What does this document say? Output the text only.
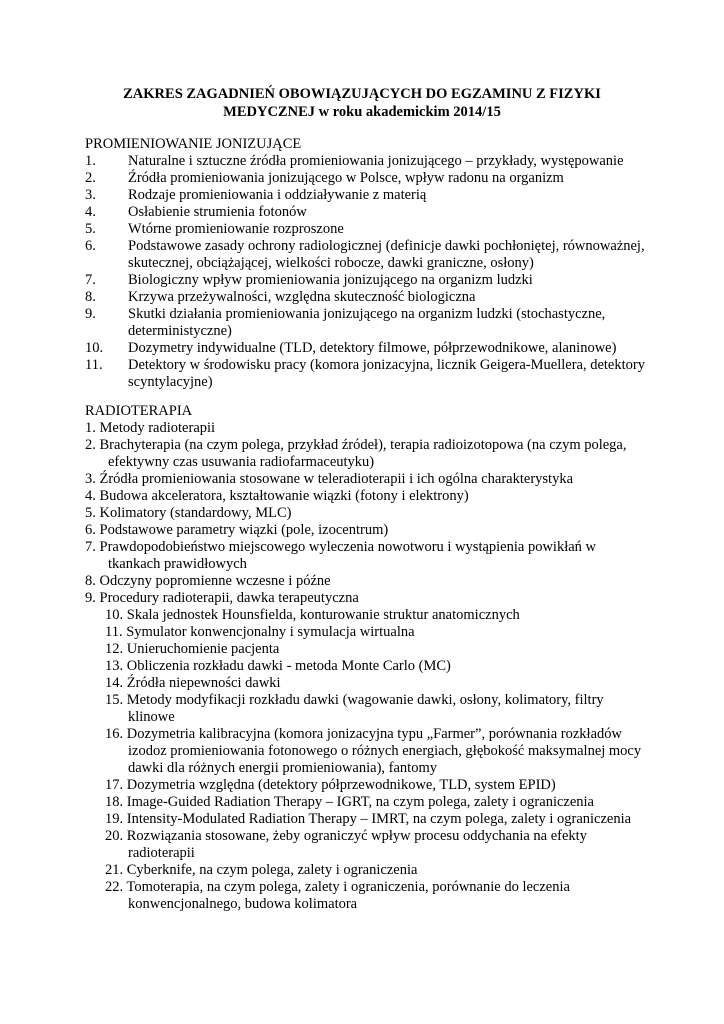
ZAKRES ZAGADNIEŃ OBOWIĄZUJĄCYCH DO EGZAMINU Z FIZYKI
MEDYCZNEJ w roku akademickim 2014/15
PROMIENIOWANIE JONIZUJĄCE
1. Naturalne i sztuczne źródła promieniowania jonizującego – przykłady, występowanie
2. Źródła promieniowania jonizującego w Polsce, wpływ radonu na organizm
3. Rodzaje promieniowania i oddziaływanie z materią
4. Osłabienie strumienia fotonów
5. Wtórne promieniowanie rozproszone
6. Podstawowe zasady ochrony radiologicznej (definicje dawki pochłoniętej, równoważnej, skutecznej, obciążającej, wielkości robocze, dawki graniczne, osłony)
7. Biologiczny wpływ promieniowania jonizującego na organizm ludzki
8. Krzywa przeżywalności, względna skuteczność biologiczna
9. Skutki działania promieniowania jonizującego na organizm ludzki (stochastyczne, deterministyczne)
10. Dozymetry indywidualne (TLD, detektory filmowe, półprzewodnikowe, alaninowe)
11. Detektory w środowisku pracy (komora jonizacyjna, licznik Geigera-Muellera, detektory scyntylacyjne)
RADIOTERAPIA
1. Metody radioterapii
2. Brachyterapia (na czym polega, przykład źródeł), terapia radioizotopowa (na czym polega, efektywny czas usuwania radiofarmaceutyku)
3. Źródła promieniowania stosowane w teleradioterapii i ich ogólna charakterystyka
4. Budowa akceleratora, kształtowanie wiązki (fotony i elektrony)
5. Kolimatory (standardowy, MLC)
6. Podstawowe parametry wiązki (pole, izocentrum)
7. Prawdopodobieństwo miejscowego wyleczenia nowotworu i wystąpienia powikłań w tkankach prawidłowych
8. Odczyny popromienne wczesne i późne
9. Procedury radioterapii, dawka terapeutyczna
10. Skala jednostek Hounsfielda, konturowanie struktur anatomicznych
11. Symulator konwencjonalny i symulacja wirtualna
12. Unieruchomienie pacjenta
13. Obliczenia rozkładu dawki - metoda Monte Carlo (MC)
14. Źródła niepewności dawki
15. Metody modyfikacji rozkładu dawki (wagowanie dawki, osłony, kolimatory, filtry klinowe
16. Dozymetria kalibracyjna (komora jonizacyjna typu „Farmer”, porównania rozkładów izodoz promieniowania fotonowego o różnych energiach, głębokość maksymalnej mocy dawki dla różnych energii promieniowania), fantomy
17. Dozymetria względna (detektory półprzewodnikowe, TLD, system EPID)
18. Image-Guided Radiation Therapy – IGRT, na czym polega, zalety i ograniczenia
19. Intensity-Modulated Radiation Therapy – IMRT, na czym polega, zalety i ograniczenia
20. Rozwiązania stosowane, żeby ograniczyć wpływ procesu oddychania na efekty radioterapii
21. Cyberknife, na czym polega, zalety i ograniczenia
22. Tomoterapia, na czym polega, zalety i ograniczenia, porównanie do leczenia konwencjonalnego, budowa kolimatora
